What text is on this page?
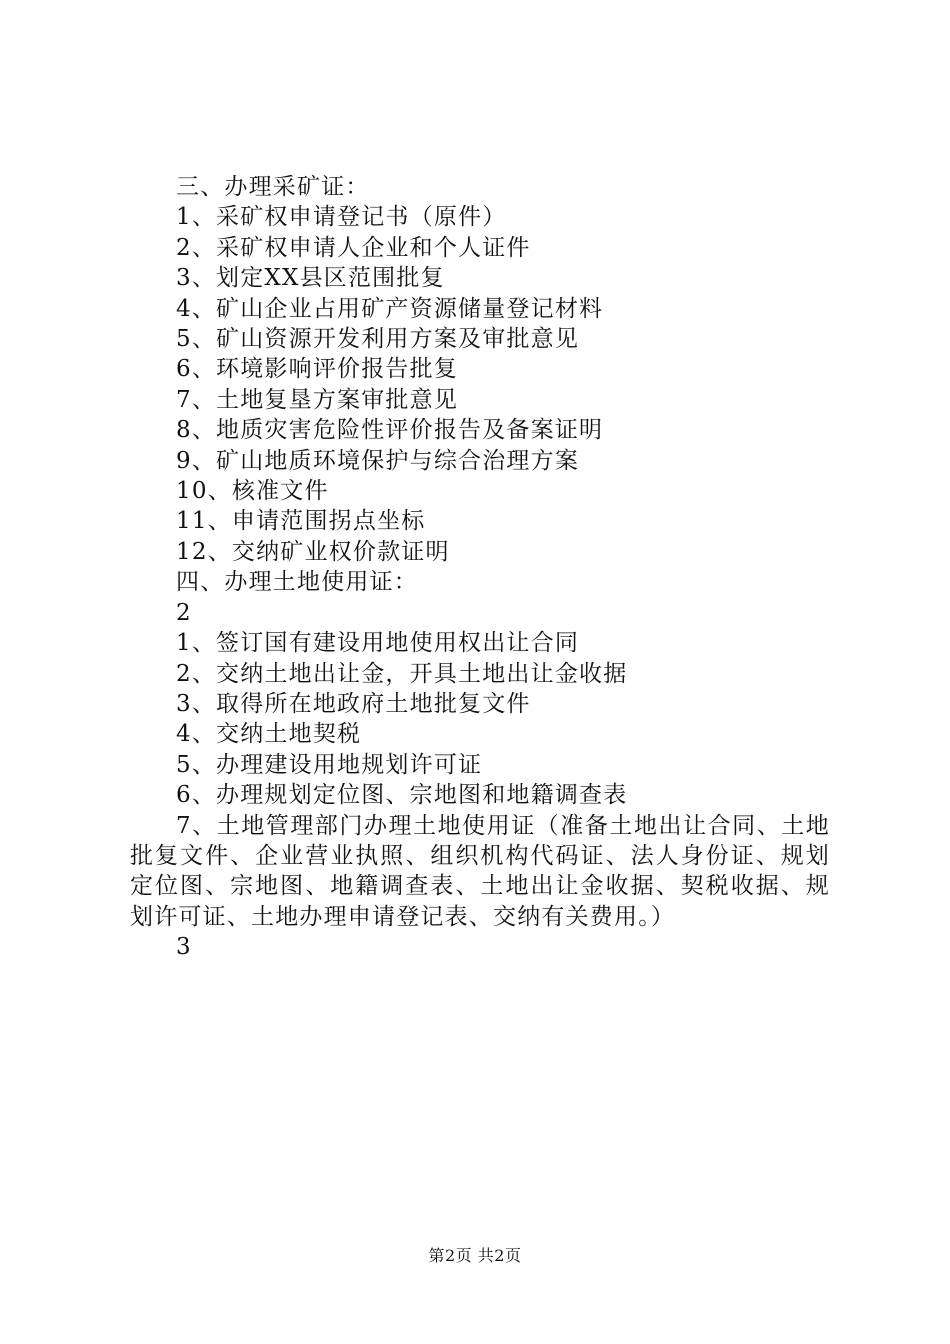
三、办理采矿证：
1、采矿权申请登记书（原件）
2、采矿权申请人企业和个人证件
3、划定XX县区范围批复
4、矿山企业占用矿产资源储量登记材料
5、矿山资源开发利用方案及审批意见
6、环境影响评价报告批复
7、土地复垦方案审批意见
8、地质灾害危险性评价报告及备案证明
9、矿山地质环境保护与综合治理方案
10、核准文件
11、申请范围拐点坐标
12、交纳矿业权价款证明
四、办理土地使用证：
2
1、签订国有建设用地使用权出让合同
2、交纳土地出让金，开具土地出让金收据
3、取得所在地政府土地批复文件
4、交纳土地契税
5、办理建设用地规划许可证
6、办理规划定位图、宗地图和地籍调查表
7、土地管理部门办理土地使用证（准备土地出让合同、土地批复文件、企业营业执照、组织机构代码证、法人身份证、规划定位图、宗地图、地籍调查表、土地出让金收据、契税收据、规划许可证、土地办理申请登记表、交纳有关费用。）
3
第2页 共2页
